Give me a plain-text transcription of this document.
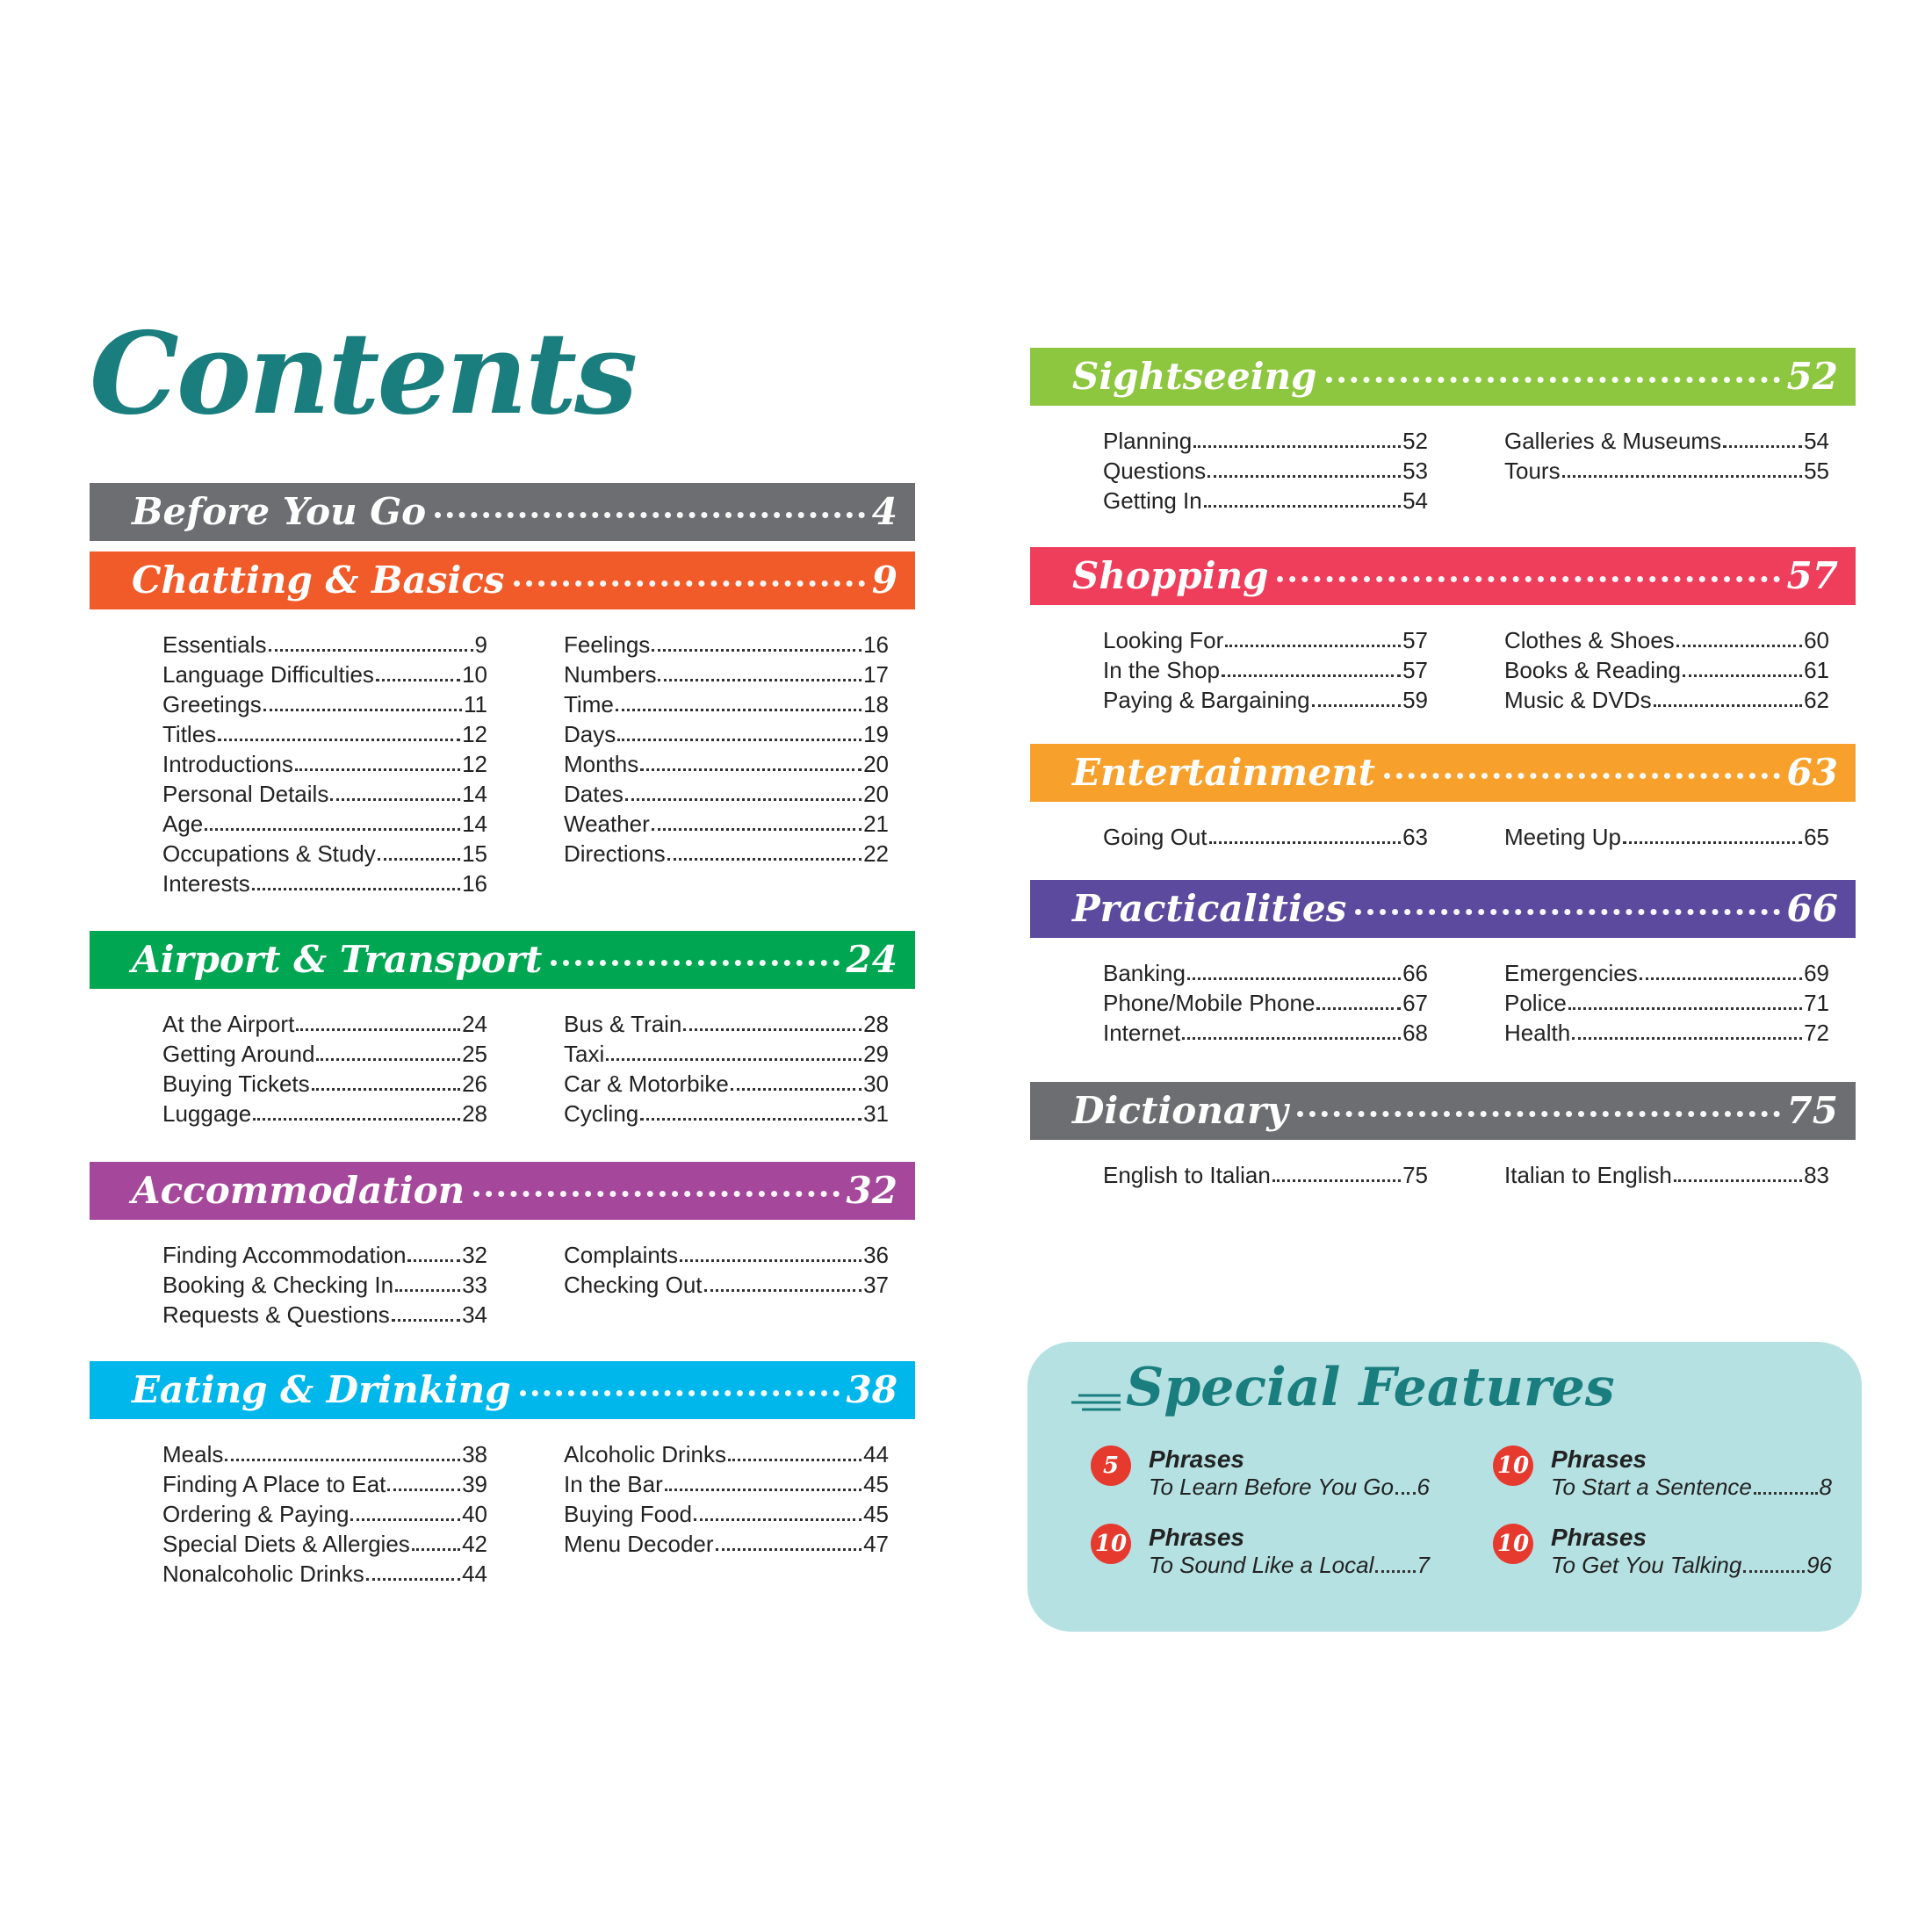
Contents
Before You Go	4
Chatting & Basics	9
Essentials	9
Language Difficulties	10
Greetings	11
Titles	12
Introductions	12
Personal Details	14
Age	14
Occupations & Study	15
Interests	16
Feelings	16
Numbers	17
Time	18
Days	19
Months	20
Dates	20
Weather	21
Directions	22
Airport & Transport	24
At the Airport	24
Getting Around	25
Buying Tickets	26
Luggage	28
Bus & Train	28
Taxi	29
Car & Motorbike	30
Cycling	31
Accommodation	32
Finding Accommodation 32
Booking & Checking In	33
Requests & Questions	34
Complaints	36
Checking Out	37
Eating & Drinking	38
Meals	38
Finding A Place to Eat	39
Ordering & Paying	40
Special Diets & Allergies 42
Nonalcoholic Drinks	44
Alcoholic Drinks	44
In the Bar	45
Buying Food	45
Menu Decoder	47
Sightseeing	52
Planning	52
Questions	53
Getting In	54
Galleries & Museums	54
Tours	55
Shopping	57
Looking For	57
In the Shop	57
Paying & Bargaining	59
Clothes & Shoes	60
Books & Reading	61
Music & DVDs	62
Entertainment	63
Going Out	63	Meeting Up	65
Practicalities	66
Banking	66
Phone/Mobile Phone	67
Internet	68
Emergencies	69
Police	71
Health	72
Dictionary	75
English to Italian	75	Italian to English	83
Special Features
5	Phrases
To Learn Before You Go 6
10 Phrases
To Start a Sentence	8
10 Phrases
To Sound Like a Local 7
10 Phrases
To Get You Talking	96
